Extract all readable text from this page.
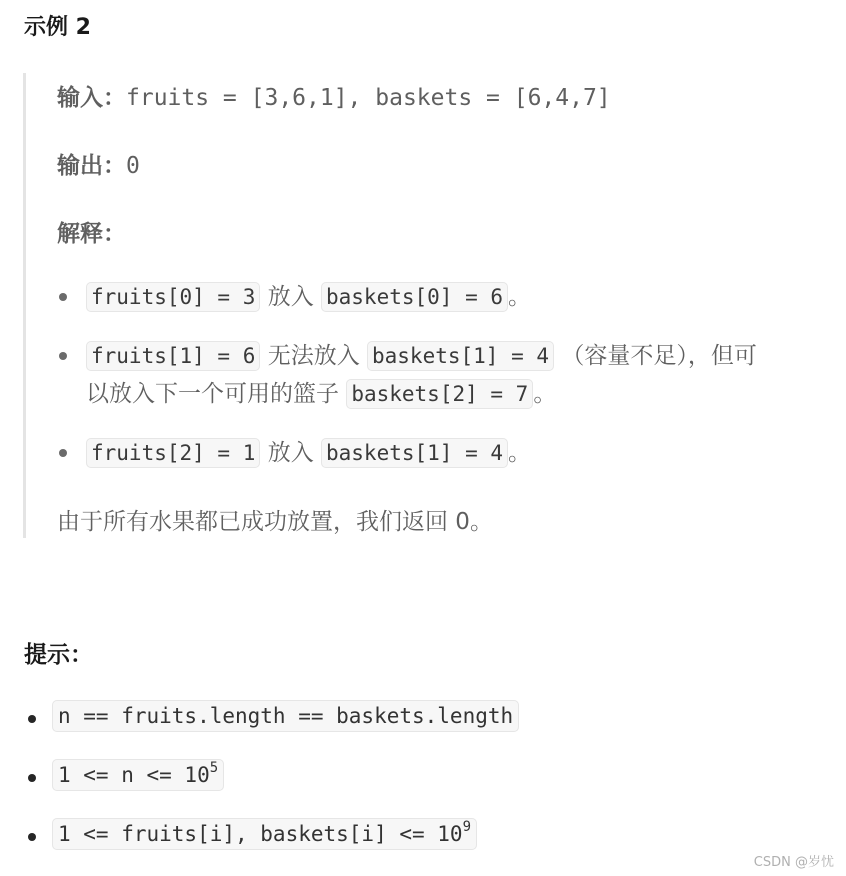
示例 2
输入：fruits = [3,6,1], baskets = [6,4,7]
输出：0
解释：
fruits[0] = 3 放入 baskets[0] = 6 。
fruits[1] = 6 无法放入 baskets[1] = 4 （容量不足），但可
以放入下一个可用的篮子 baskets[2] = 7 。
fruits[2] = 1 放入 baskets[1] = 4 。
由于所有水果都已成功放置，我们返回 0。
提示：
n == fruits.length == baskets.length
$1 <= n <= 10^5$
1 <= fruits[i], baskets[i] <= $10^9$
CSDN @岁忧
